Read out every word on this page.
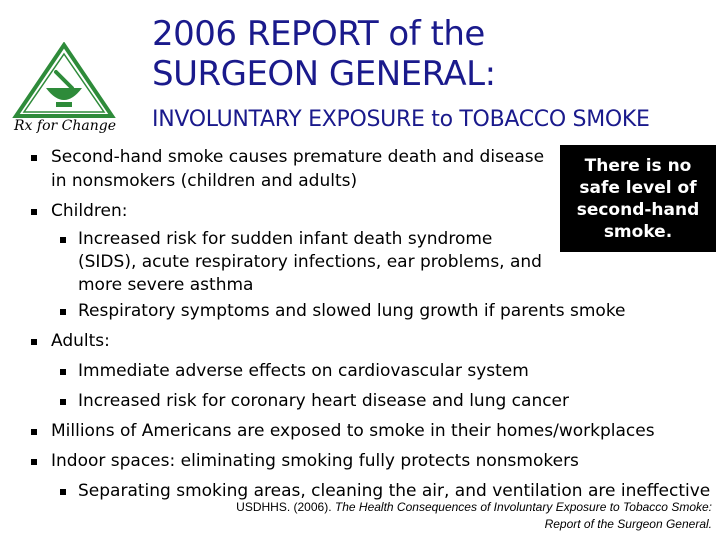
Rx for Change
2006 REPORT of the
SURGEON GENERAL:
INVOLUNTARY EXPOSURE to TOBACCO SMOKE
There is no safe level of second-hand smoke.
Second-hand smoke causes premature death and disease
in nonsmokers (children and adults)
Children:
Increased risk for sudden infant death syndrome
(SIDS), acute respiratory infections, ear problems, and
more severe asthma
Respiratory symptoms and slowed lung growth if parents smoke
Adults:
Immediate adverse effects on cardiovascular system
Increased risk for coronary heart disease and lung cancer
Millions of Americans are exposed to smoke in their homes/workplaces
Indoor spaces: eliminating smoking fully protects nonsmokers
Separating smoking areas, cleaning the air, and ventilation are ineffective
USDHHS. (2006). The Health Consequences of Involuntary Exposure to Tobacco Smoke:
Report of the Surgeon General.
